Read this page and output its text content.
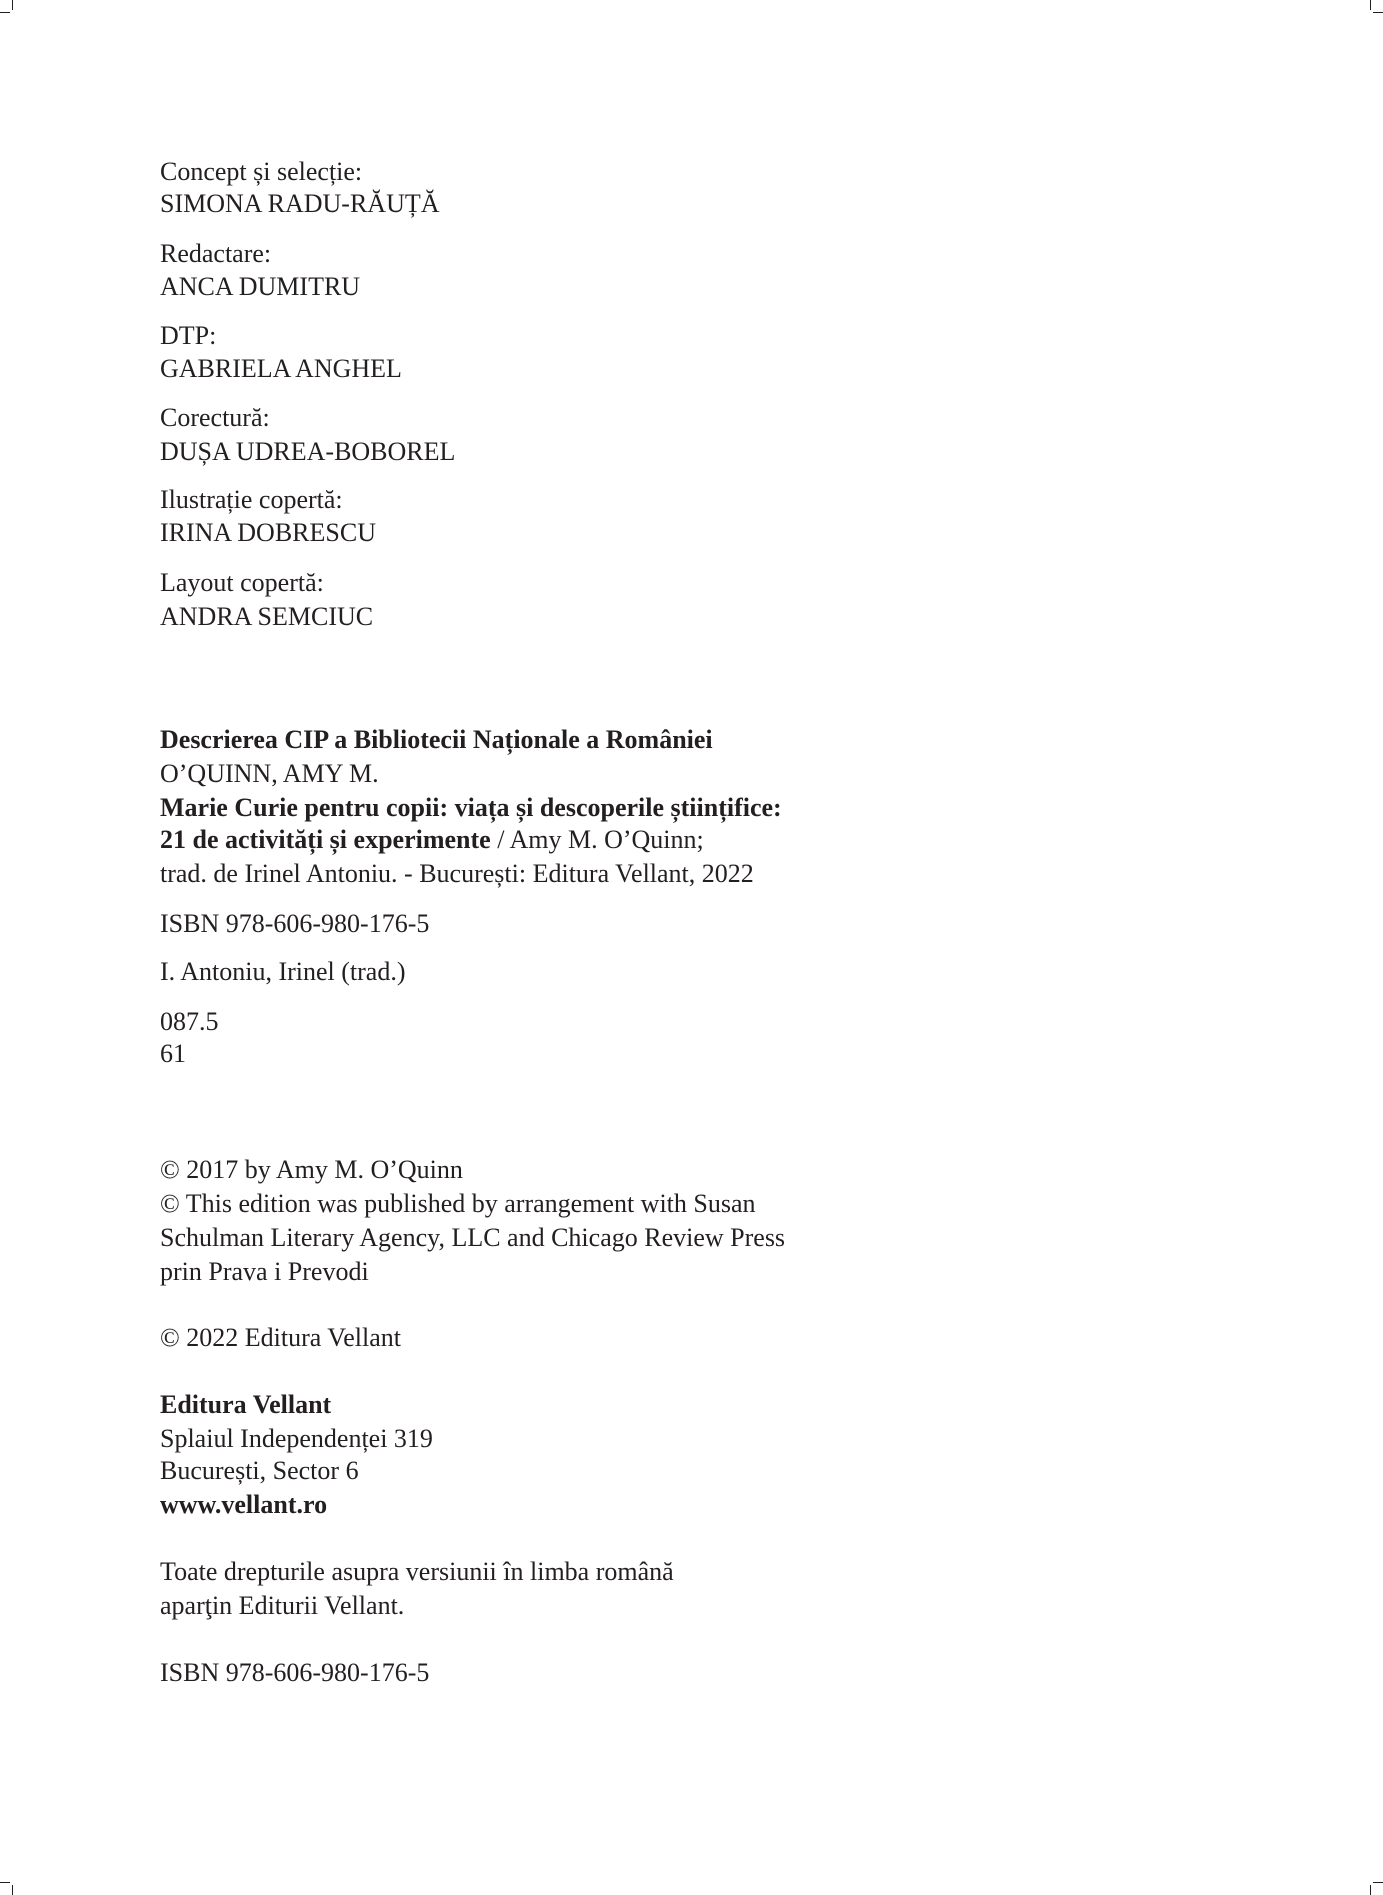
Concept și selecție:
SIMONA RADU-RĂUȚĂ
Redactare:
ANCA DUMITRU
DTP:
GABRIELA ANGHEL
Corectură:
DUȘA UDREA-BOBOREL
Ilustrație copertă:
IRINA DOBRESCU
Layout copertă:
ANDRA SEMCIUC
Descrierea CIP a Bibliotecii Naționale a României
O’QUINN, AMY M.
Marie Curie pentru copii: viața și descoperile științifice:
21 de activități și experimente / Amy M. O’Quinn;
trad. de Irinel Antoniu. - București: Editura Vellant, 2022
ISBN 978-606-980-176-5
I. Antoniu, Irinel (trad.)
087.5
61
© 2017 by Amy M. O’Quinn
© This edition was published by arrangement with Susan
Schulman Literary Agency, LLC and Chicago Review Press
prin Prava i Prevodi
© 2022 Editura Vellant
Editura Vellant
Splaiul Independenței 319
București, Sector 6
www.vellant.ro
Toate drepturile asupra versiunii în limba română
aparţin Editurii Vellant.
ISBN 978-606-980-176-5
